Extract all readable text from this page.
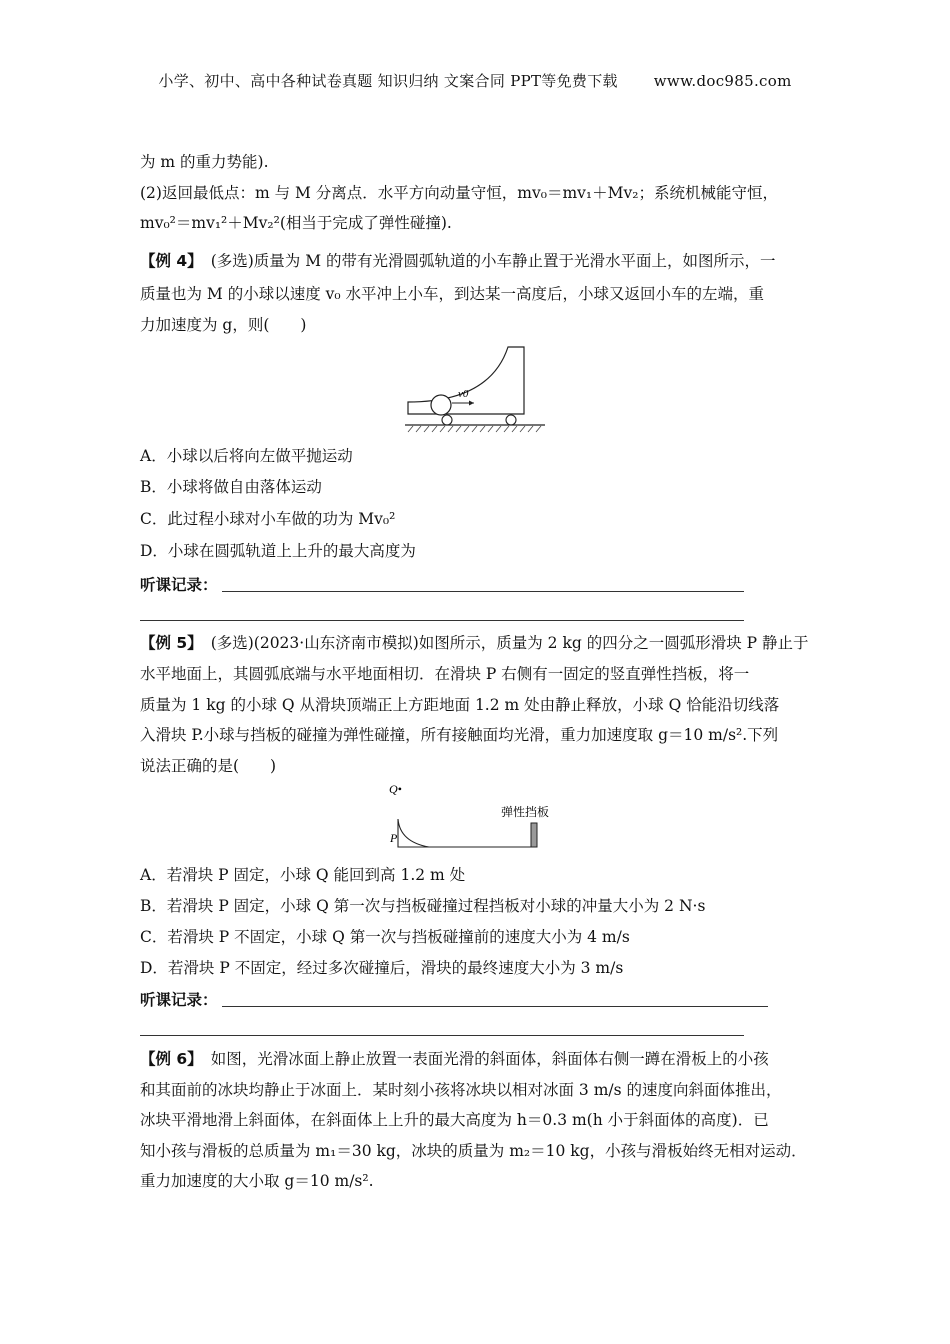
小学、初中、高中各种试卷真题 知识归纳 文案合同 PPT等免费下载 www.doc985.com
为 m 的重力势能).
(2)返回最低点：m 与 M 分离点．水平方向动量守恒，mv₀＝mv₁＋Mv₂；系统机械能守恒，
mv₀²＝mv₁²＋Mv₂²(相当于完成了弹性碰撞).
【例 4】 (多选)质量为 M 的带有光滑圆弧轨道的小车静止置于光滑水平面上，如图所示，一
质量也为 M 的小球以速度 v₀ 水平冲上小车，到达某一高度后，小球又返回小车的左端，重
力加速度为 g，则(　　)
v0
A．小球以后将向左做平抛运动
B．小球将做自由落体运动
C．此过程小球对小车做的功为 Mv₀²
D．小球在圆弧轨道上上升的最大高度为
听课记录：
【例 5】 (多选)(2023·山东济南市模拟)如图所示，质量为 2 kg 的四分之一圆弧形滑块 P 静止于
水平地面上，其圆弧底端与水平地面相切．在滑块 P 右侧有一固定的竖直弹性挡板，将一
质量为 1 kg 的小球 Q 从滑块顶端正上方距地面 1.2 m 处由静止释放，小球 Q 恰能沿切线落
入滑块 P.小球与挡板的碰撞为弹性碰撞，所有接触面均光滑，重力加速度取 g＝10 m/s².下列
说法正确的是(　　)
Q•
P
弹性挡板
A．若滑块 P 固定，小球 Q 能回到高 1.2 m 处
B．若滑块 P 固定，小球 Q 第一次与挡板碰撞过程挡板对小球的冲量大小为 2 N·s
C．若滑块 P 不固定，小球 Q 第一次与挡板碰撞前的速度大小为 4 m/s
D．若滑块 P 不固定，经过多次碰撞后，滑块的最终速度大小为 3 m/s
听课记录：
【例 6】 如图，光滑冰面上静止放置一表面光滑的斜面体，斜面体右侧一蹲在滑板上的小孩
和其面前的冰块均静止于冰面上．某时刻小孩将冰块以相对冰面 3 m/s 的速度向斜面体推出，
冰块平滑地滑上斜面体，在斜面体上上升的最大高度为 h＝0.3 m(h 小于斜面体的高度)．已
知小孩与滑板的总质量为 m₁＝30 kg，冰块的质量为 m₂＝10 kg，小孩与滑板始终无相对运动．
重力加速度的大小取 g＝10 m/s².
